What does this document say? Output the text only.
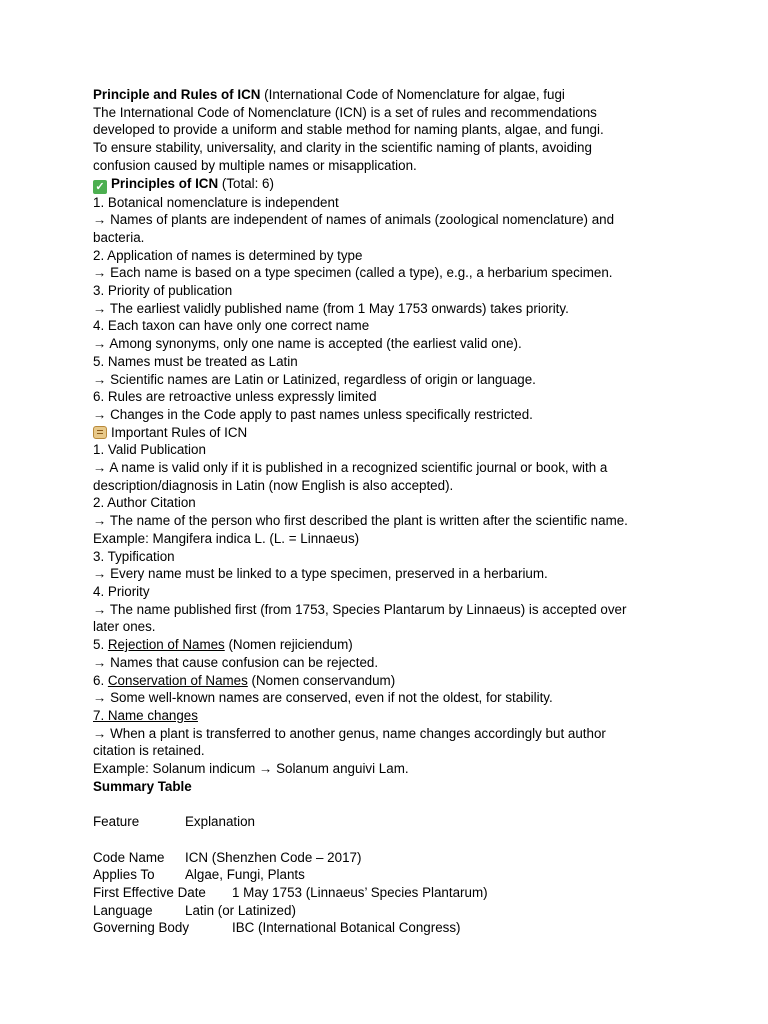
Principle and Rules of ICN (International Code of Nomenclature for algae, fugi
The International Code of Nomenclature (ICN) is a set of rules and recommendations
developed to provide a uniform and stable method for naming plants, algae, and fungi.
To ensure stability, universality, and clarity in the scientific naming of plants, avoiding
confusion caused by multiple names or misapplication.
✓ Principles of ICN (Total: 6)
1. Botanical nomenclature is independent
→ Names of plants are independent of names of animals (zoological nomenclature) and
bacteria.
2. Application of names is determined by type
→ Each name is based on a type specimen (called a type), e.g., a herbarium specimen.
3. Priority of publication
→ The earliest validly published name (from 1 May 1753 onwards) takes priority.
4. Each taxon can have only one correct name
→ Among synonyms, only one name is accepted (the earliest valid one).
5. Names must be treated as Latin
→ Scientific names are Latin or Latinized, regardless of origin or language.
6. Rules are retroactive unless expressly limited
→ Changes in the Code apply to past names unless specifically restricted.
Important Rules of ICN
1. Valid Publication
→ A name is valid only if it is published in a recognized scientific journal or book, with a
description/diagnosis in Latin (now English is also accepted).
2. Author Citation
→ The name of the person who first described the plant is written after the scientific name.
Example: Mangifera indica L. (L. = Linnaeus)
3. Typification
→ Every name must be linked to a type specimen, preserved in a herbarium.
4. Priority
→ The name published first (from 1753, Species Plantarum by Linnaeus) is accepted over
later ones.
5. Rejection of Names (Nomen rejiciendum)
→ Names that cause confusion can be rejected.
6. Conservation of Names (Nomen conservandum)
→ Some well-known names are conserved, even if not the oldest, for stability.
7. Name changes
→ When a plant is transferred to another genus, name changes accordingly but author
citation is retained.
Example: Solanum indicum → Solanum anguivi Lam.
Summary Table
Feature	Explanation
Code Name ICN (Shenzhen Code – 2017)
Applies To Algae, Fungi, Plants
First Effective Date 1 May 1753 (Linnaeus’ Species Plantarum)
Language Latin (or Latinized)
Governing Body	IBC (International Botanical Congress)
